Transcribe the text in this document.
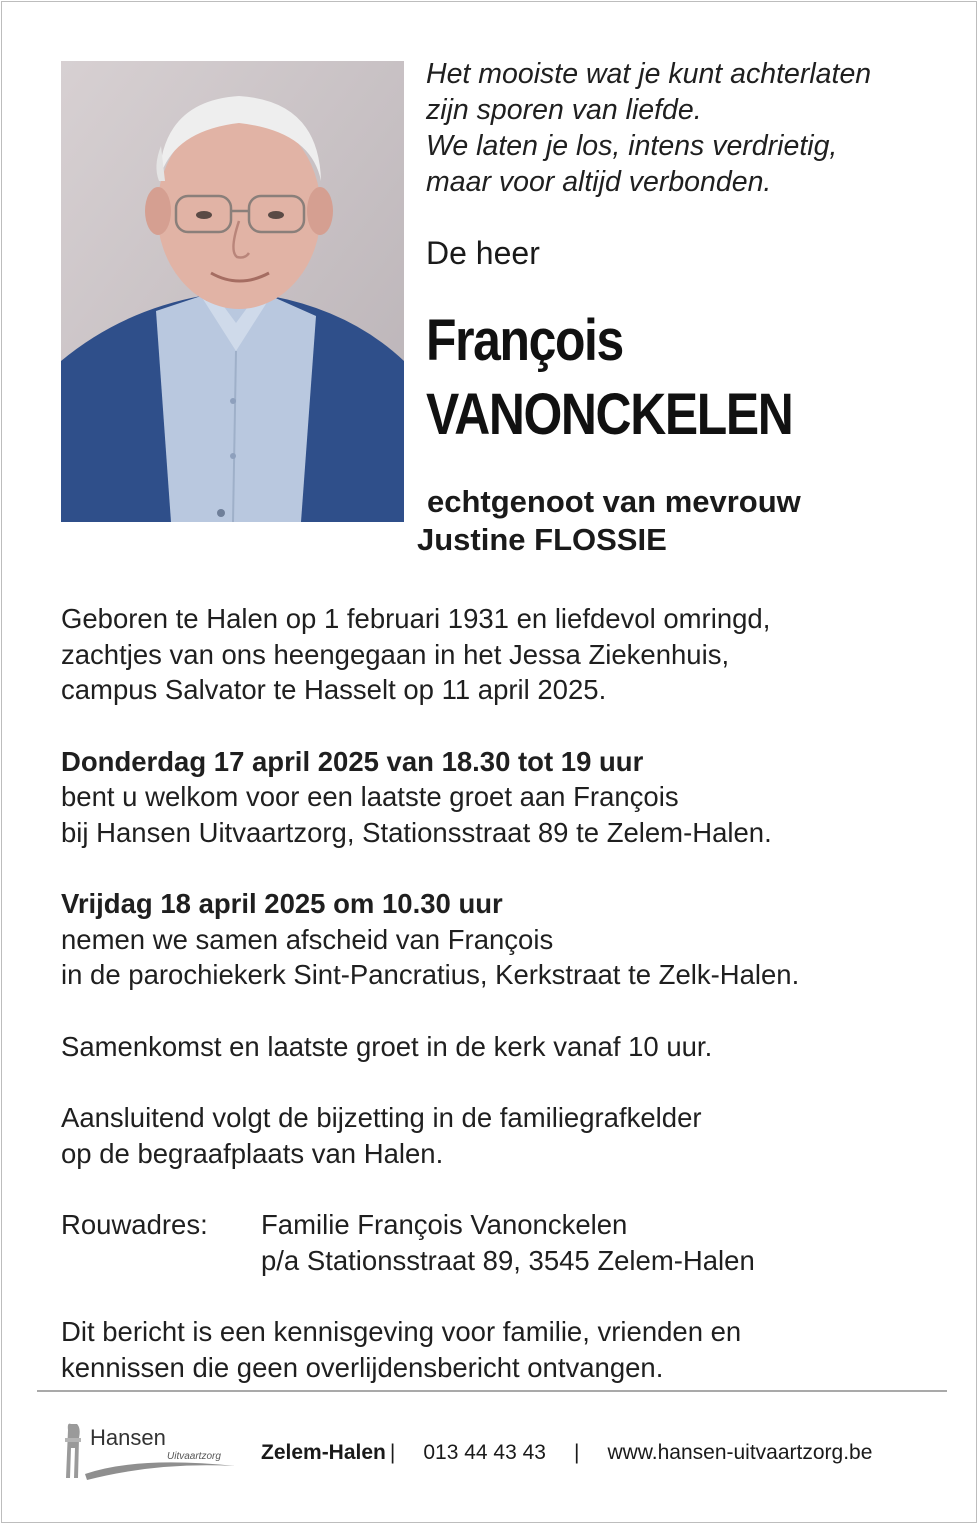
Het mooiste wat je kunt achterlaten
zijn sporen van liefde.
We laten je los, intens verdrietig,
maar voor altijd verbonden.
De heer
François
VANONCKELEN
echtgenoot van mevrouw
Justine FLOSSIE
Geboren te Halen op 1 februari 1931 en liefdevol omringd,
zachtjes van ons heengegaan in het Jessa Ziekenhuis,
campus Salvator te Hasselt op 11 april 2025.
Donderdag 17 april 2025 van 18.30 tot 19 uur
bent u welkom voor een laatste groet aan François
bij Hansen Uitvaartzorg, Stationsstraat 89 te Zelem-Halen.
Vrijdag 18 april 2025 om 10.30 uur
nemen we samen afscheid van François
in de parochiekerk Sint-Pancratius, Kerkstraat te Zelk-Halen.
Samenkomst en laatste groet in de kerk vanaf 10 uur.
Aansluitend volgt de bijzetting in de familiegrafkelder
op de begraafplaats van Halen.
Rouwadres:	Familie François Vanonckelen
p/a Stationsstraat 89, 3545 Zelem-Halen
Dit bericht is een kennisgeving voor familie, vrienden en
kennissen die geen overlijdensbericht ontvangen.
Hansen
Uitvaartzorg Zelem-Halen | 013 44 43 43 | www.hansen-uitvaartzorg.be
